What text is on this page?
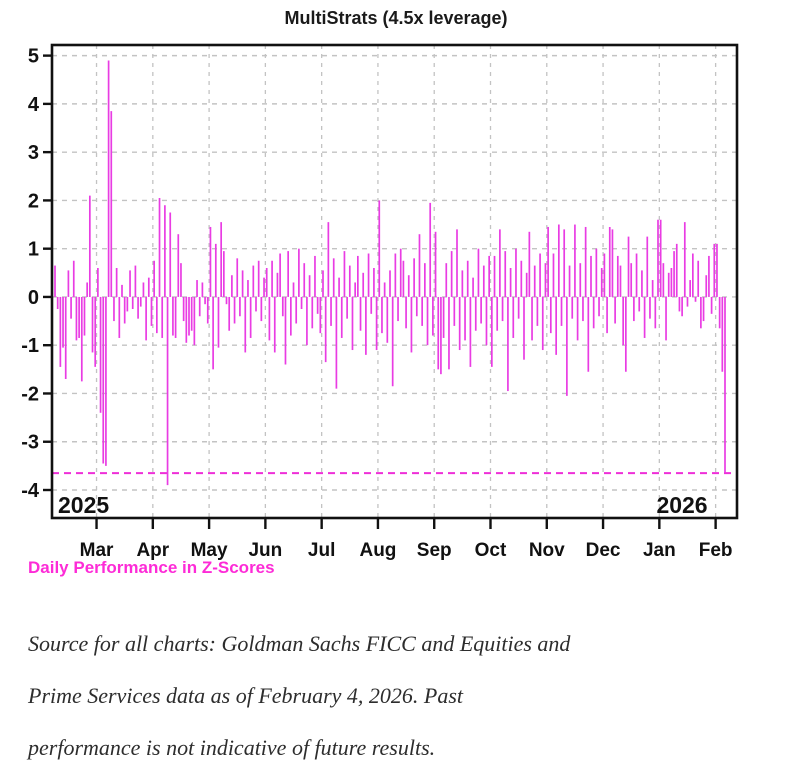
-4
-3
-2
-1
0
1
2
3
4
5
Mar Apr May Jun Jul Aug Sep Oct Nov Dec Jan Feb
2025	2026
MultiStrats (4.5x leverage)
Daily Performance in Z-Scores
Source for all charts: Goldman Sachs FICC and Equities and
Prime Services data as of February 4, 2026. Past
performance is not indicative of future results.
